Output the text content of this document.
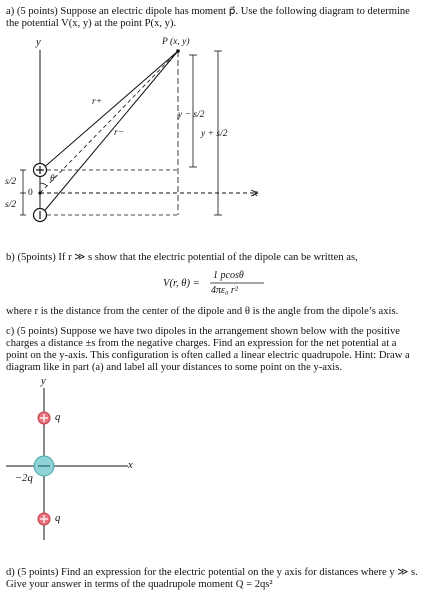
a) (5 points) Suppose an electric dipole has moment p⃗. Use the following diagram to determine

the potential V(x, y) at the point P(x, y).

y	P (x, y)
r+
r−
y − s/2
y + s/2
s/2
s/2
0
θ
x

b) (5points) If r ≫ s show that the electric potential of the dipole can be written as,

V(r, θ) =
1 pcosθ
4πε₀ r²

where r is the distance from the center of the dipole and θ is the angle from the dipole’s axis.

c) (5 points) Suppose we have two dipoles in the arrangement shown below with the positive

charges a distance ±s from the negative charges. Find an expression for the net potential at a

point on the y-axis. This configuration is often called a linear electric quadrupole. Hint: Draw a

diagram like in part (a) and label all your distances to some point on the y-axis.

y
x
q
−2q
q

d) (5 points) Find an expression for the electric potential on the y axis for distances where y ≫ s.

Give your answer in terms of the quadrupole moment Q = 2qs²
